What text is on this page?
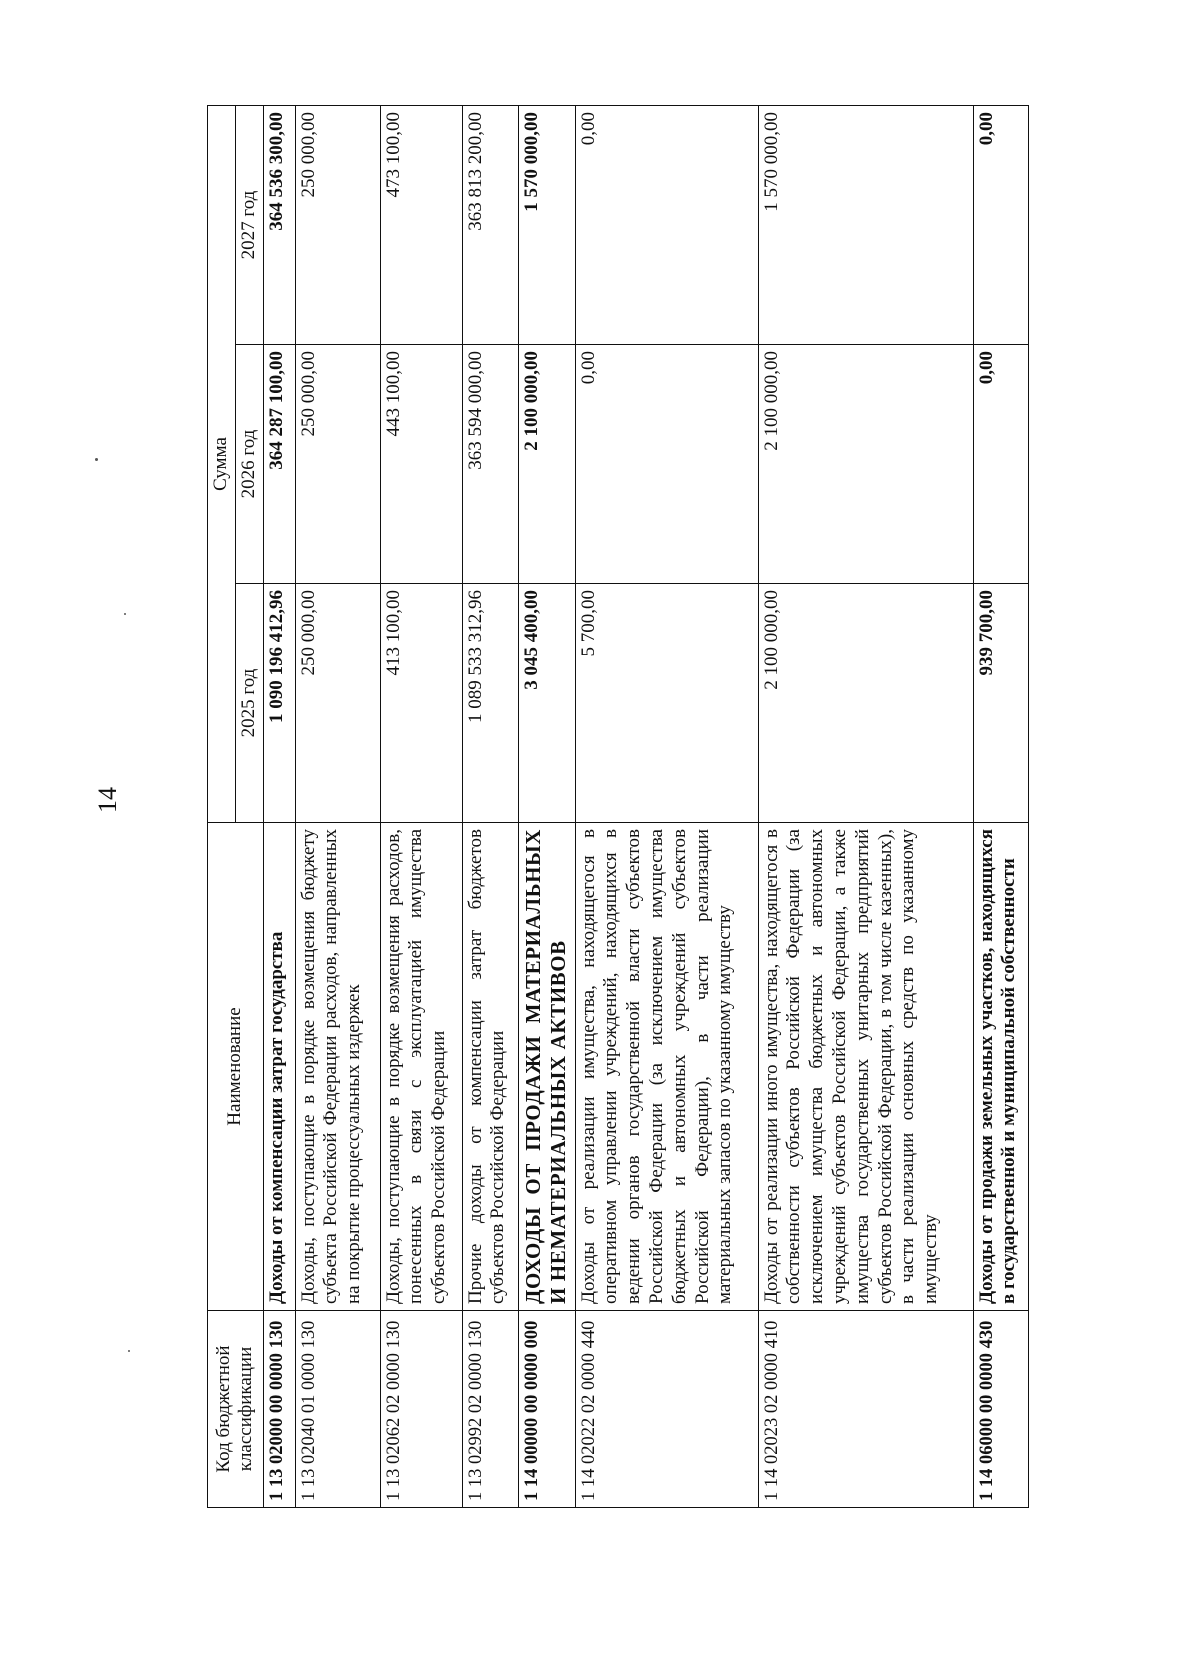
14
Код бюджетной классификации	Наименование	Сумма		
		2025 год	2026 год	2027 год
1 13 02000 00 0000 130	Доходы от компенсации затрат государства	1 090 196 412,96	364 287 100,00	364 536 300,00
1 13 02040 01 0000 130	Доходы, поступающие в порядке возмещения бюджету субъекта Российской Федерации расходов, направленных на покрытие процессуальных издержек	250 000,00	250 000,00	250 000,00
1 13 02062 02 0000 130	Доходы, поступающие в порядке возмещения расходов, понесенных в связи с эксплуатацией имущества субъектов Российской Федерации	413 100,00	443 100,00	473 100,00
1 13 02992 02 0000 130	Прочие доходы от компенсации затрат бюджетов субъектов Российской Федерации	1 089 533 312,96	363 594 000,00	363 813 200,00
1 14 00000 00 0000 000	ДОХОДЫ ОТ ПРОДАЖИ МАТЕРИАЛЬНЫХ И НЕМАТЕРИАЛЬНЫХ АКТИВОВ	3 045 400,00	2 100 000,00	1 570 000,00
1 14 02022 02 0000 440	Доходы от реализации имущества, находящегося в оперативном управлении учреждений, находящихся в ведении органов государственной власти субъектов Российской Федерации (за исключением имущества бюджетных и автономных учреждений субъектов Российской Федерации), в части реализации материальных запасов по указанному имуществу	5 700,00	0,00	0,00
1 14 02023 02 0000 410	Доходы от реализации иного имущества, находящегося в собственности субъектов Российской Федерации (за исключением имущества бюджетных и автономных учреждений субъектов Российской Федерации, а также имущества государственных унитарных предприятий субъектов Российской Федерации, в том числе казенных), в части реализации основных средств по указанному имуществу	2 100 000,00	2 100 000,00	1 570 000,00
1 14 06000 00 0000 430	Доходы от продажи земельных участков, находящихся в государственной и муниципальной собственности	939 700,00	0,00	0,00
